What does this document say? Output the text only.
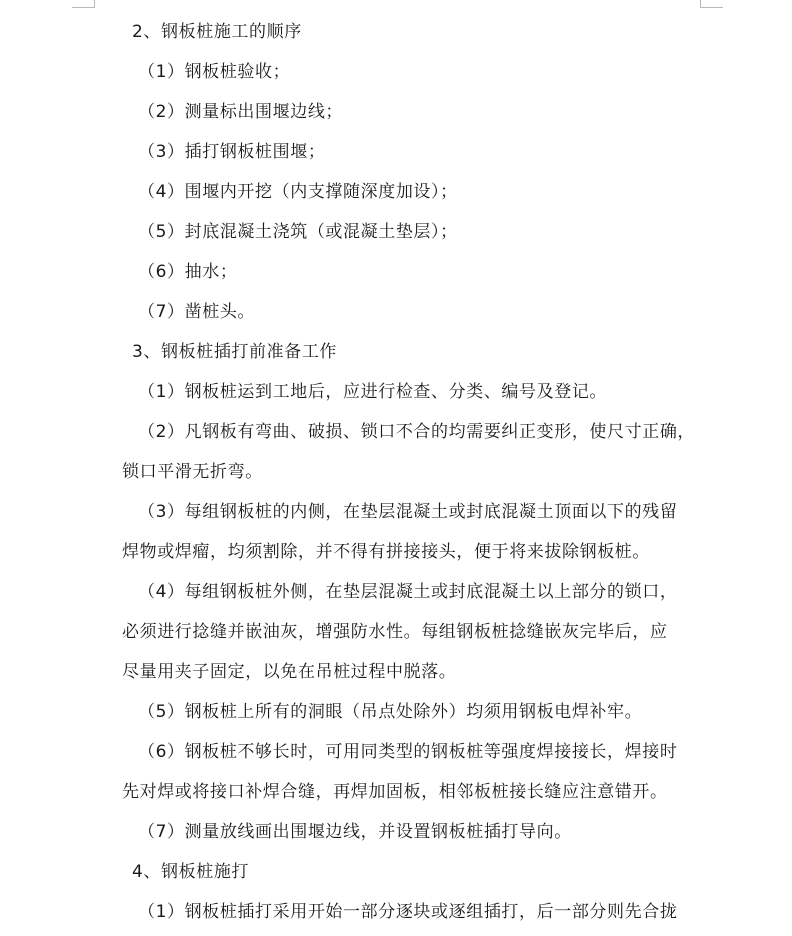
2、钢板桩施工的顺序
（1）钢板桩验收；
（2）测量标出围堰边线；
（3）插打钢板桩围堰；
（4）围堰内开挖（内支撑随深度加设）；
（5）封底混凝土浇筑（或混凝土垫层）；
（6）抽水；
（7）凿桩头。
3、钢板桩插打前准备工作
（1）钢板桩运到工地后，应进行检查、分类、编号及登记。
（2）凡钢板有弯曲、破损、锁口不合的均需要纠正变形，使尺寸正确，
锁口平滑无折弯。
（3）每组钢板桩的内侧，在垫层混凝土或封底混凝土顶面以下的残留
焊物或焊瘤，均须割除，并不得有拼接接头，便于将来拔除钢板桩。
（4）每组钢板桩外侧，在垫层混凝土或封底混凝土以上部分的锁口，
必须进行捻缝并嵌油灰，增强防水性。每组钢板桩捻缝嵌灰完毕后，应
尽量用夹子固定，以免在吊桩过程中脱落。
（5）钢板桩上所有的洞眼（吊点处除外）均须用钢板电焊补牢。
（6）钢板桩不够长时，可用同类型的钢板桩等强度焊接接长，焊接时
先对焊或将接口补焊合缝，再焊加固板，相邻板桩接长缝应注意错开。
（7）测量放线画出围堰边线，并设置钢板桩插打导向。
4、钢板桩施打
（1）钢板桩插打采用开始一部分逐块或逐组插打，后一部分则先合拢
